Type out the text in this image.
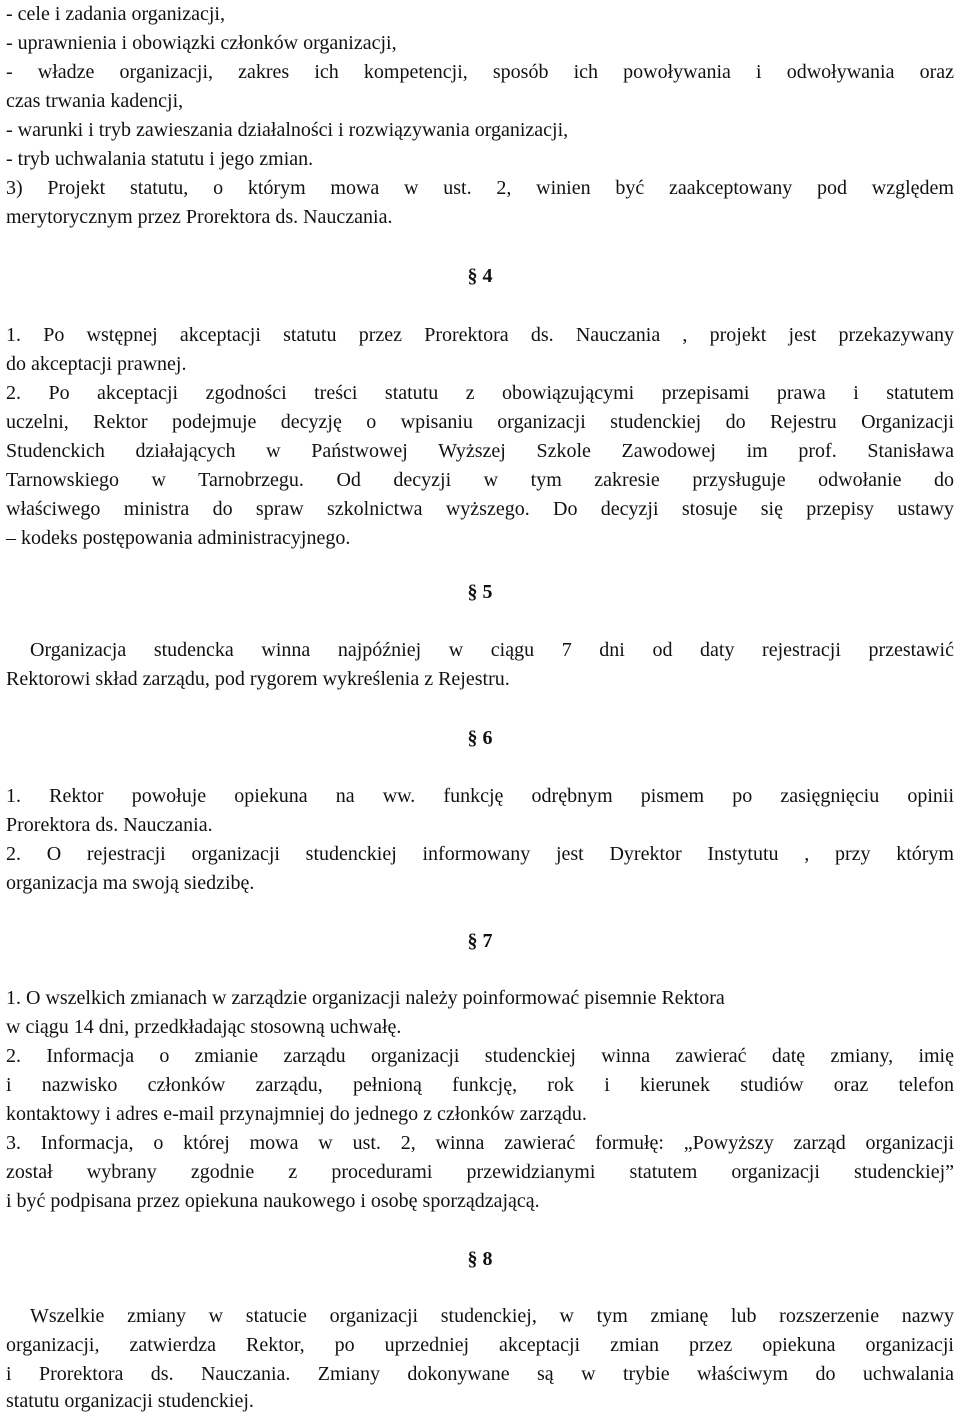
- cele i zadania organizacji,
- uprawnienia i obowiązki członków organizacji,
- władze organizacji, zakres ich kompetencji, sposób ich powoływania i odwoływania oraz
czas trwania kadencji,
- warunki i tryb zawieszania działalności i rozwiązywania organizacji,
- tryb uchwalania statutu i jego zmian.
3) Projekt statutu, o którym mowa w ust. 2, winien być zaakceptowany pod względem
merytorycznym przez Prorektora ds. Nauczania.
§ 4
1. Po wstępnej akceptacji statutu przez Prorektora ds. Nauczania , projekt jest przekazywany
do akceptacji prawnej.
2. Po akceptacji zgodności treści statutu z obowiązującymi przepisami prawa i statutem
uczelni, Rektor podejmuje decyzję o wpisaniu organizacji studenckiej do Rejestru Organizacji
Studenckich działających w Państwowej Wyższej Szkole Zawodowej im prof. Stanisława
Tarnowskiego w Tarnobrzegu. Od decyzji w tym zakresie przysługuje odwołanie do
właściwego ministra do spraw szkolnictwa wyższego. Do decyzji stosuje się przepisy ustawy
– kodeks postępowania administracyjnego.
§ 5
Organizacja studencka winna najpóźniej w ciągu 7 dni od daty rejestracji przestawić
Rektorowi skład zarządu, pod rygorem wykreślenia z Rejestru.
§ 6
1. Rektor powołuje opiekuna na ww. funkcję odrębnym pismem po zasięgnięciu opinii
Prorektora ds. Nauczania.
2. O rejestracji organizacji studenckiej informowany jest Dyrektor Instytutu , przy którym
organizacja ma swoją siedzibę.
§ 7
1. O wszelkich zmianach w zarządzie organizacji należy poinformować pisemnie Rektora
w ciągu 14 dni, przedkładając stosowną uchwałę.
2. Informacja o zmianie zarządu organizacji studenckiej winna zawierać datę zmiany, imię
i nazwisko członków zarządu, pełnioną funkcję, rok i kierunek studiów oraz telefon
kontaktowy i adres e-mail przynajmniej do jednego z członków zarządu.
3. Informacja, o której mowa w ust. 2, winna zawierać formułę: „Powyższy zarząd organizacji
został wybrany zgodnie z procedurami przewidzianymi statutem organizacji studenckiej”
i być podpisana przez opiekuna naukowego i osobę sporządzającą.
§ 8
Wszelkie zmiany w statucie organizacji studenckiej, w tym zmianę lub rozszerzenie nazwy
organizacji, zatwierdza Rektor, po uprzedniej akceptacji zmian przez opiekuna organizacji
i Prorektora ds. Nauczania. Zmiany dokonywane są w trybie właściwym do uchwalania
statutu organizacji studenckiej.
